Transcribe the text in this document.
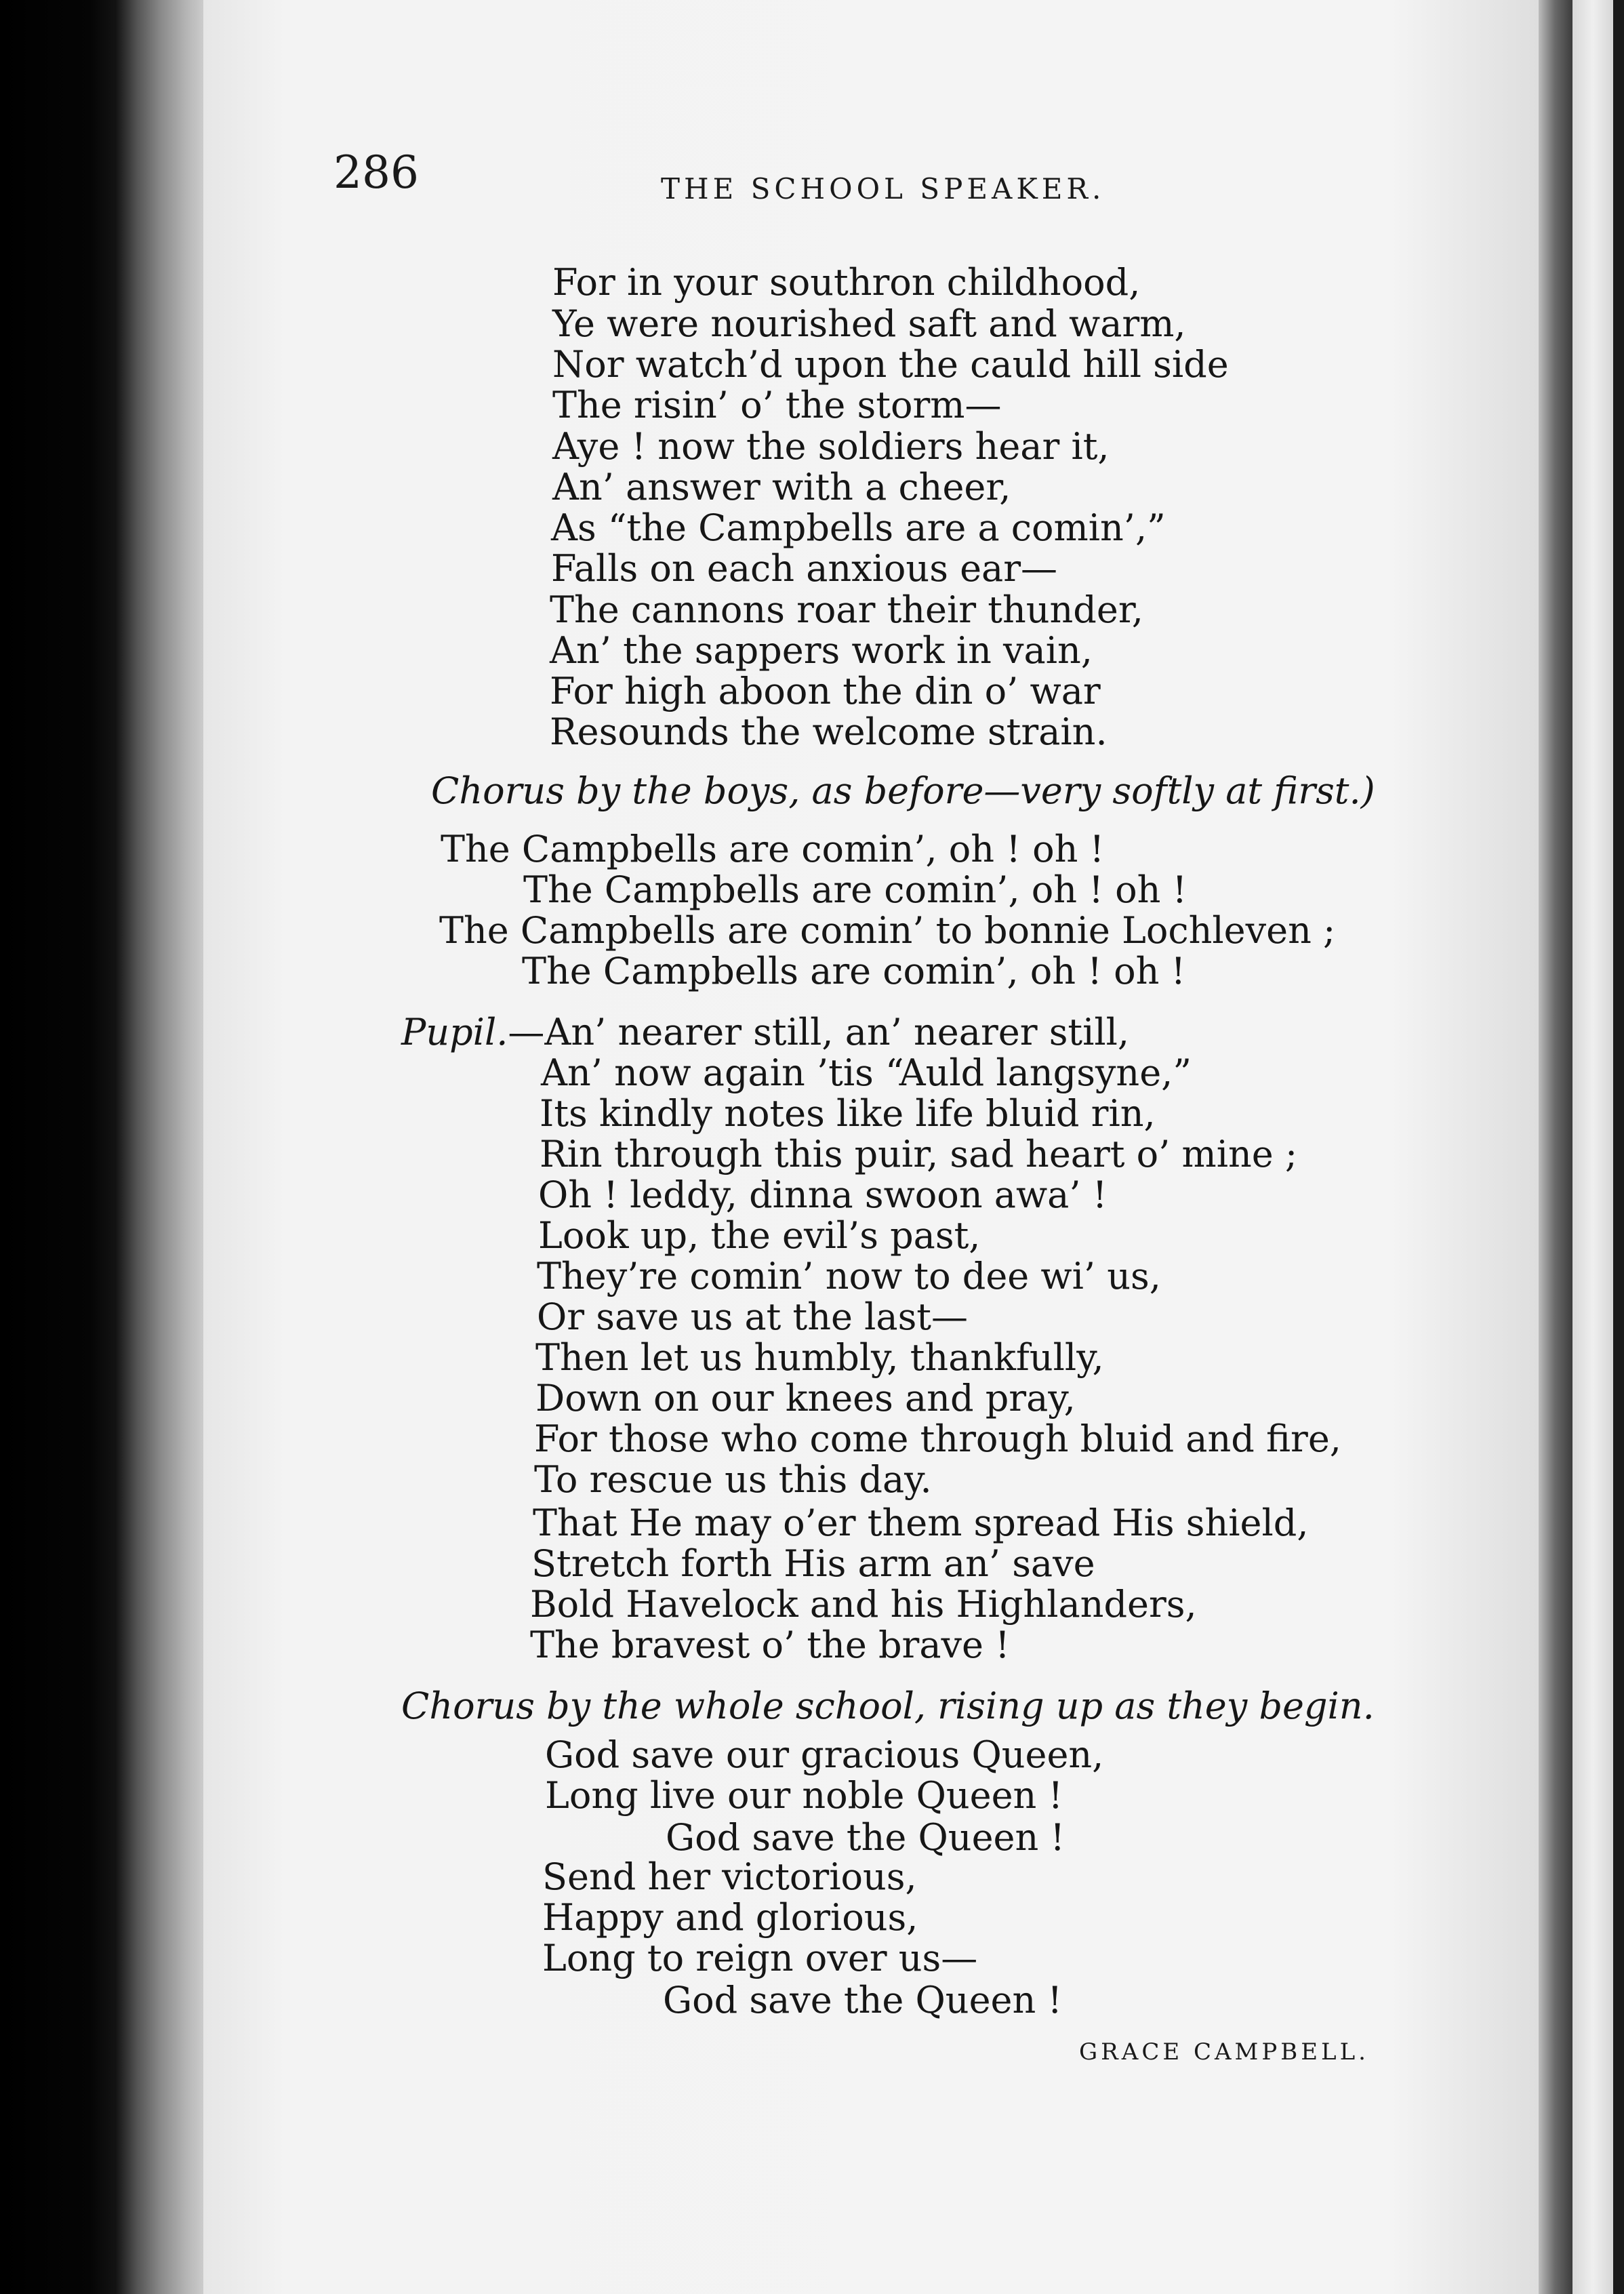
286	THE SCHOOL SPEAKER.
For in your southron childhood,
Ye were nourished saft and warm,
Nor watch’d upon the cauld hill side
The risin’ o’ the storm—
Aye ! now the soldiers hear it,
An’ answer with a cheer,
As “the Campbells are a comin’,”
Falls on each anxious ear—
The cannons roar their thunder,
An’ the sappers work in vain,
For high aboon the din o’ war
Resounds the welcome strain.
Chorus by the boys, as before—very softly at first.)
The Campbells are comin’, oh ! oh !
The Campbells are comin’, oh ! oh !
The Campbells are comin’ to bonnie Lochleven ;
The Campbells are comin’, oh ! oh !
Pupil.—An’ nearer still, an’ nearer still,
An’ now again ’tis “Auld langsyne,”
Its kindly notes like life bluid rin,
Rin through this puir, sad heart o’ mine ;
Oh ! leddy, dinna swoon awa’ !
Look up, the evil’s past,
They’re comin’ now to dee wi’ us,
Or save us at the last—
Then let us humbly, thankfully,
Down on our knees and pray,
For those who come through bluid and fire,
To rescue us this day.
That He may o’er them spread His shield,
Stretch forth His arm an’ save
Bold Havelock and his Highlanders,
The bravest o’ the brave !
Chorus by the whole school, rising up as they begin.
God save our gracious Queen,
Long live our noble Queen !
God save the Queen !
Send her victorious,
Happy and glorious,
Long to reign over us—
God save the Queen !
GRACE CAMPBELL.
